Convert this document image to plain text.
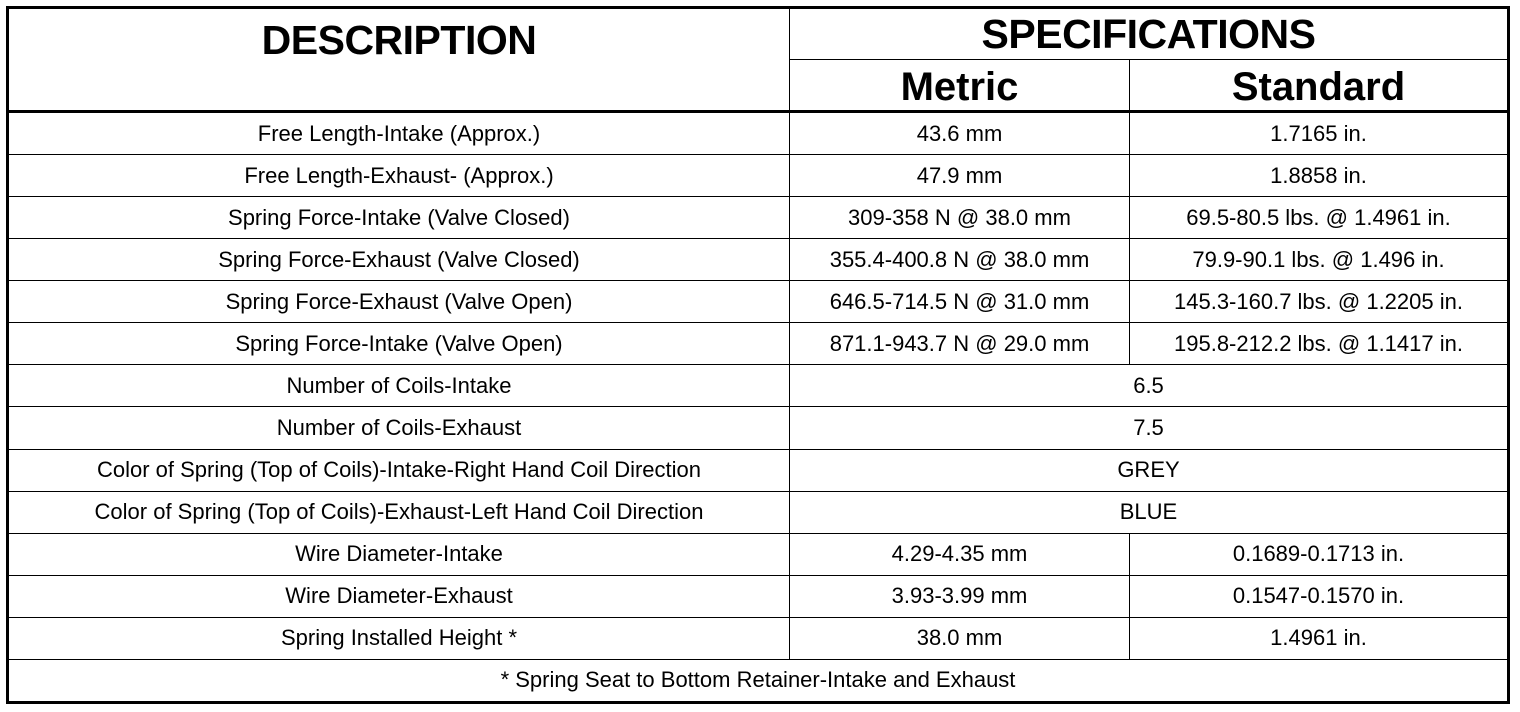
DESCRIPTION	SPECIFICATIONS	
	Metric	Standard
Free Length-Intake (Approx.)	43.6 mm	1.7165 in.
Free Length-Exhaust- (Approx.)	47.9 mm	1.8858 in.
Spring Force-Intake (Valve Closed)	309-358 N @ 38.0 mm	69.5-80.5 lbs. @ 1.4961 in.
Spring Force-Exhaust (Valve Closed)	355.4-400.8 N @ 38.0 mm	79.9-90.1 lbs. @ 1.496 in.
Spring Force-Exhaust (Valve Open)	646.5-714.5 N @ 31.0 mm	145.3-160.7 lbs. @ 1.2205 in.
Spring Force-Intake (Valve Open)	871.1-943.7 N @ 29.0 mm	195.8-212.2 lbs. @ 1.1417 in.
Number of Coils-Intake	6.5	
Number of Coils-Exhaust	7.5	
Color of Spring (Top of Coils)-Intake-Right Hand Coil Direction	GREY	
Color of Spring (Top of Coils)-Exhaust-Left Hand Coil Direction	BLUE	
Wire Diameter-Intake	4.29-4.35 mm	0.1689-0.1713 in.
Wire Diameter-Exhaust	3.93-3.99 mm	0.1547-0.1570 in.
Spring Installed Height *	38.0 mm	1.4961 in.
* Spring Seat to Bottom Retainer-Intake and Exhaust		
